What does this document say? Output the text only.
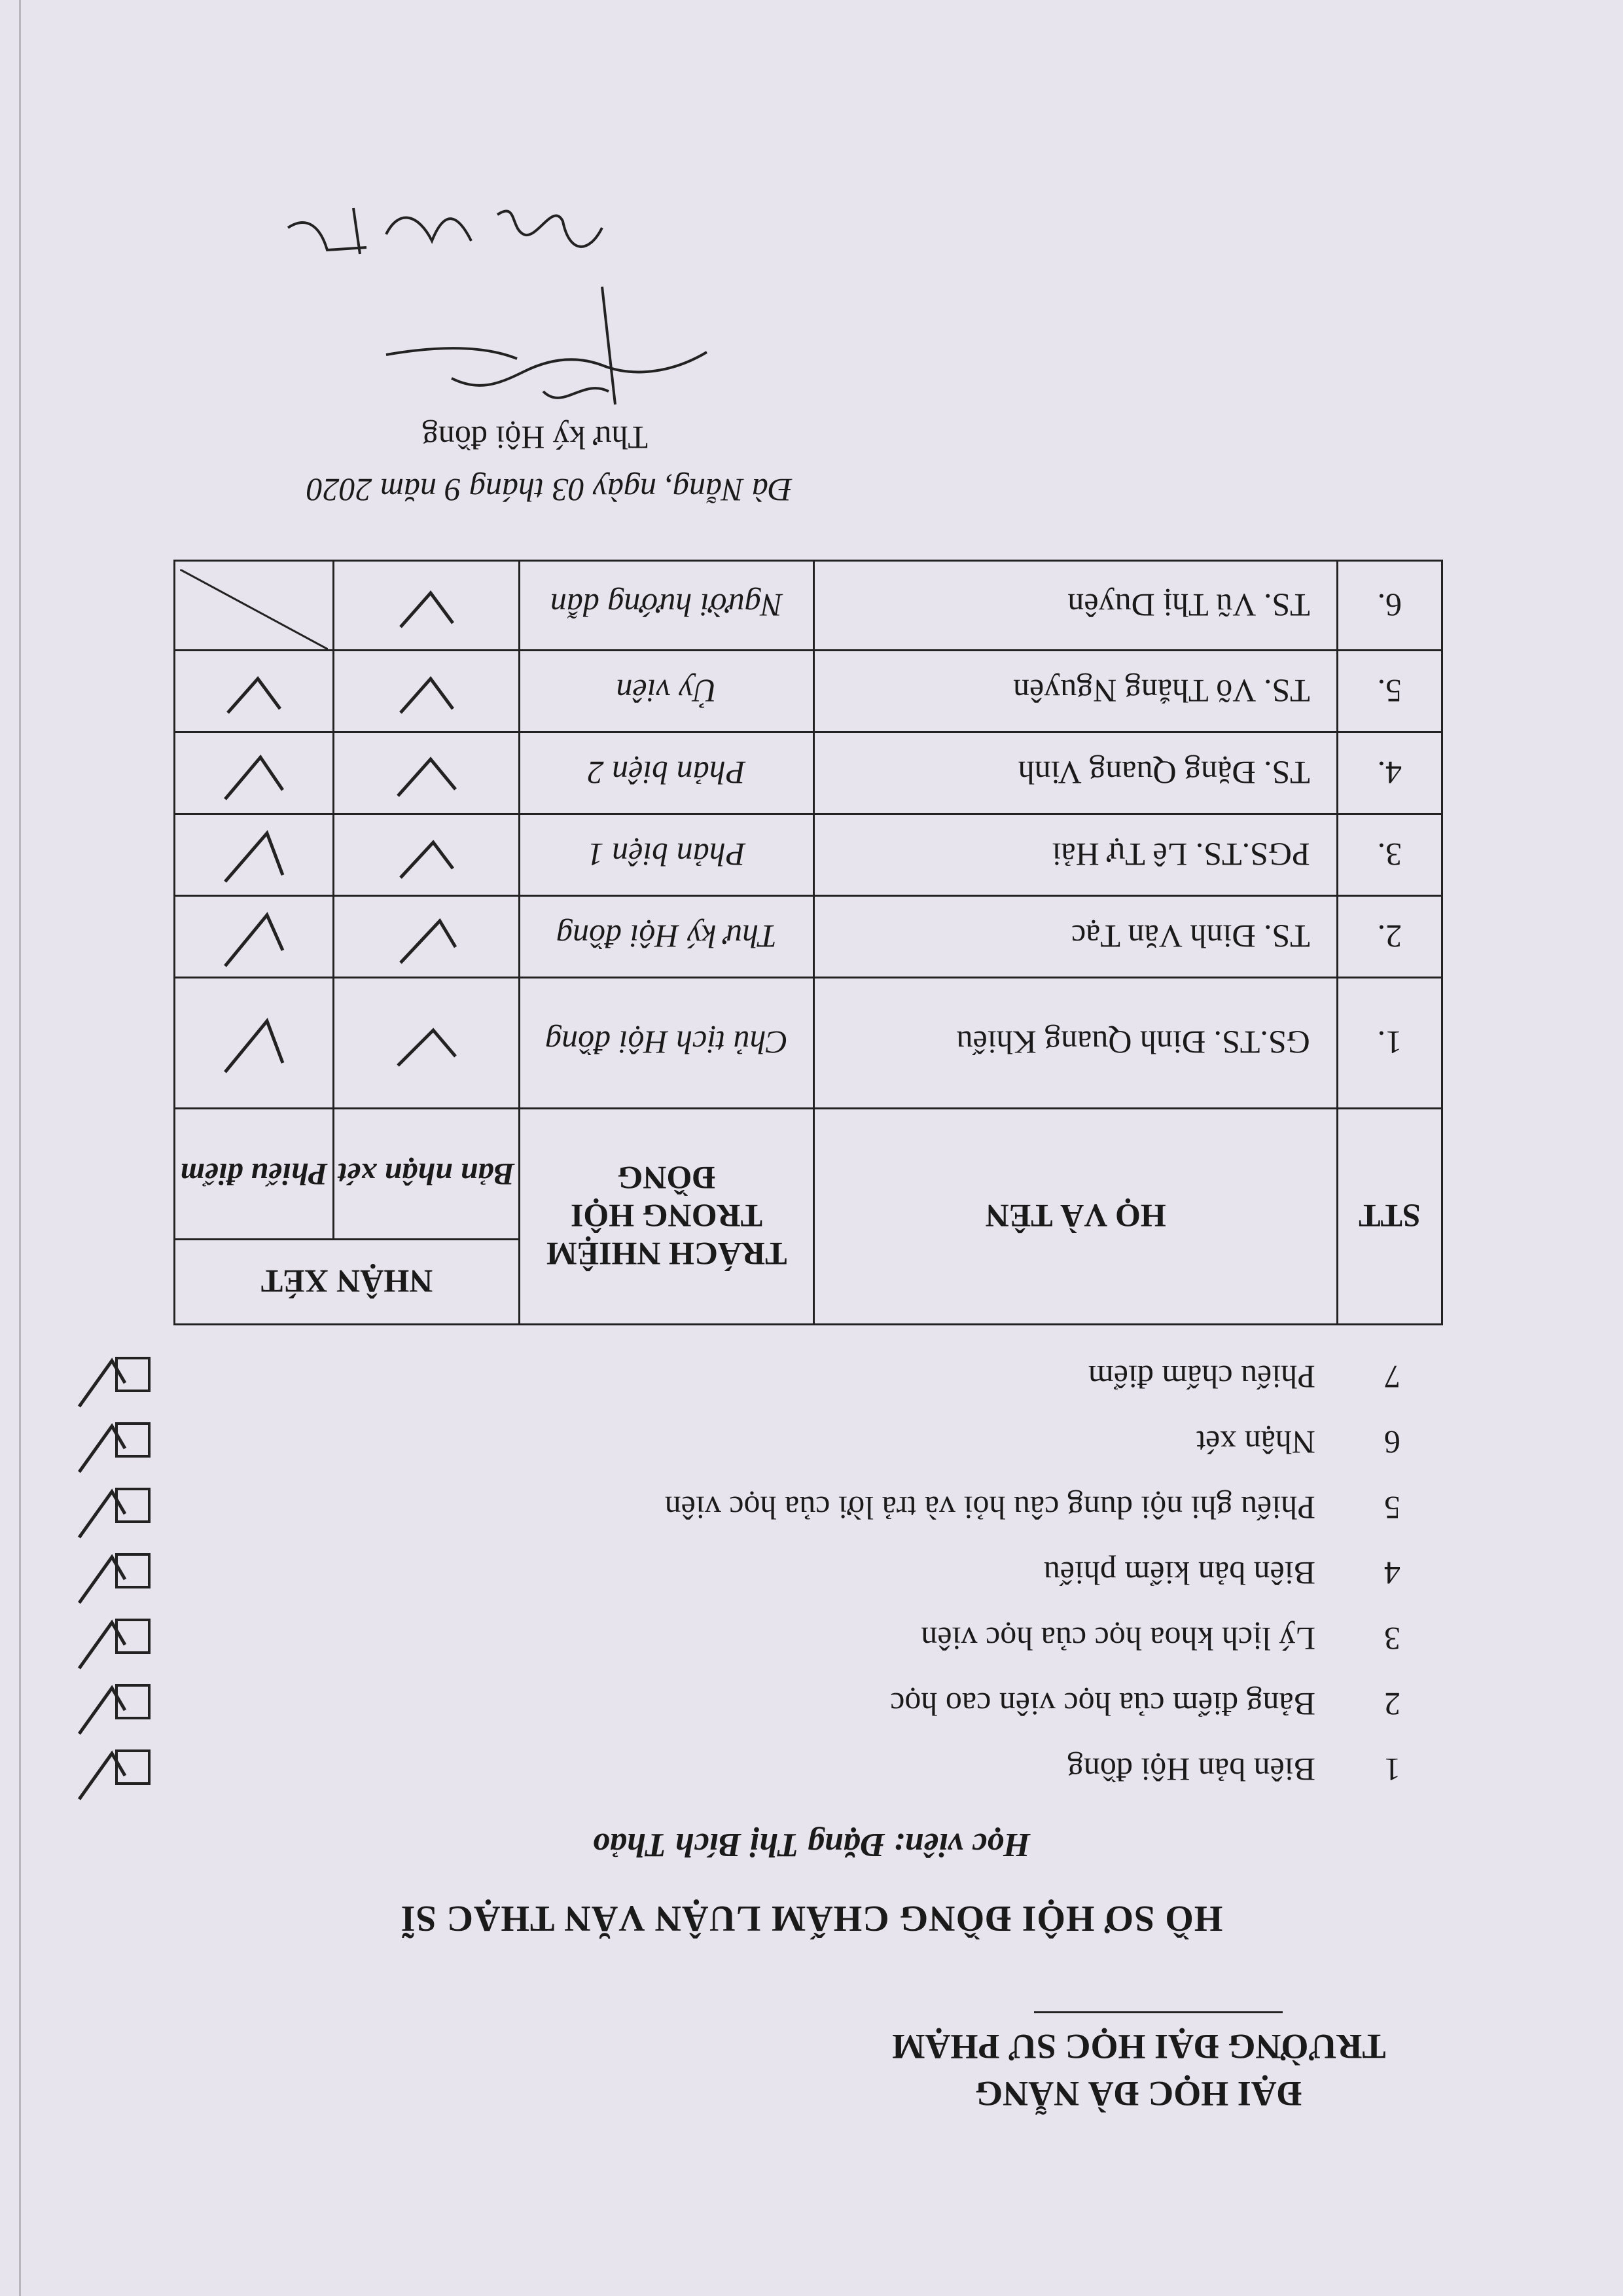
ĐẠI HỌC ĐÀ NẴNG
TRƯỜNG ĐẠI HỌC SƯ PHẠM
HỒ SƠ HỘI ĐỒNG CHẤM LUẬN VĂN THẠC SĨ
Học viên: Đặng Thị Bích Thảo
1
Biên bản Hội đồng
2
Bảng điểm của học viên cao học
3
Lý lịch khoa học của học viên
4
Biên bản kiểm phiếu
5
Phiếu ghi nội dung câu hỏi và trả lời của học viên
6
Nhận xét
7
Phiếu chấm điểm
STT	HỌ VÀ TÊN	TRÁCH NHIỆM TRONG HỘI ĐỒNG	NHẬN XÉT	
			Bản nhận xét	Phiếu điểm
1.	GS.TS. Đinh Quang Khiếu	Chủ tịch Hội đồng		
2.	TS. Đinh Văn Tạc	Thư ký Hội đồng		
3.	PGS.TS. Lê Tự Hải	Phản biện 1		
4.	TS. Đặng Quang Vinh	Phản biện 2		
5.	TS. Võ Thắng Nguyên	Ủy viên		
6.	TS. Vũ Thị Duyên	Người hướng dẫn		
Đà Nẵng, ngày 03 tháng 9 năm 2020
Thư ký Hội đồng
